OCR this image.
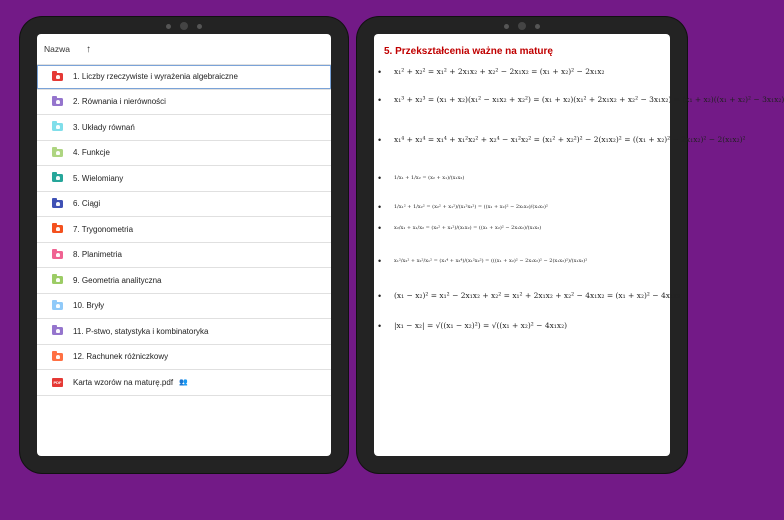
Nazwa ↑
1. Liczby rzeczywiste i wyrażenia algebraiczne
2. Równania i nierówności
3. Układy równań
4. Funkcje
5. Wielomiany
6. Ciągi
7. Trygonometria
8. Planimetria
9. Geometria analityczna
10. Bryły
11. P-stwo, statystyka i kombinatoryka
12. Rachunek różniczkowy
PDF Karta wzorów na maturę.pdf 👥
5. Przekształcenia ważne na maturę
• x₁² + x₂² = x₁² + 2x₁x₂ + x₂² − 2x₁x₂ = (x₁ + x₂)² − 2x₁x₂
• x₁³ + x₂³ = (x₁ + x₂)(x₁² − x₁x₂ + x₂²) = (x₁ + x₂)(x₁² + 2x₁x₂ + x₂² − 3x₁x₂) = (x₁ + x₂)((x₁ + x₂)² − 3x₁x₂)
• x₁⁴ + x₂⁴ = x₁⁴ + x₁²x₂² + x₂⁴ − x₁²x₂² = (x₁² + x₂²)² − 2(x₁x₂)² = ((x₁ + x₂)² − 2x₁x₂)² − 2(x₁x₂)²
• 1/x₁ + 1/x₂ = (x₂ + x₁)/(x₁x₂)
• 1/x₁² + 1/x₂² = (x₂² + x₁²)/(x₁²x₂²) = ((x₁ + x₂)² − 2x₁x₂)/(x₁x₂)²
• x₂/x₁ + x₁/x₂ = (x₂² + x₁²)/(x₁x₂) = ((x₁ + x₂)² − 2x₁x₂)/(x₁x₂)
• x₁²/x₂² + x₂²/x₁² = (x₁⁴ + x₂⁴)/(x₁²x₂²) = (((x₁ + x₂)² − 2x₁x₂)² − 2(x₁x₂)²)/(x₁x₂)²
• (x₁ − x₂)² = x₁² − 2x₁x₂ + x₂² = x₁² + 2x₁x₂ + x₂² − 4x₁x₂ = (x₁ + x₂)² − 4x₁x₂
• |x₁ − x₂| = √((x₁ − x₂)²) = √((x₁ + x₂)² − 4x₁x₂)
